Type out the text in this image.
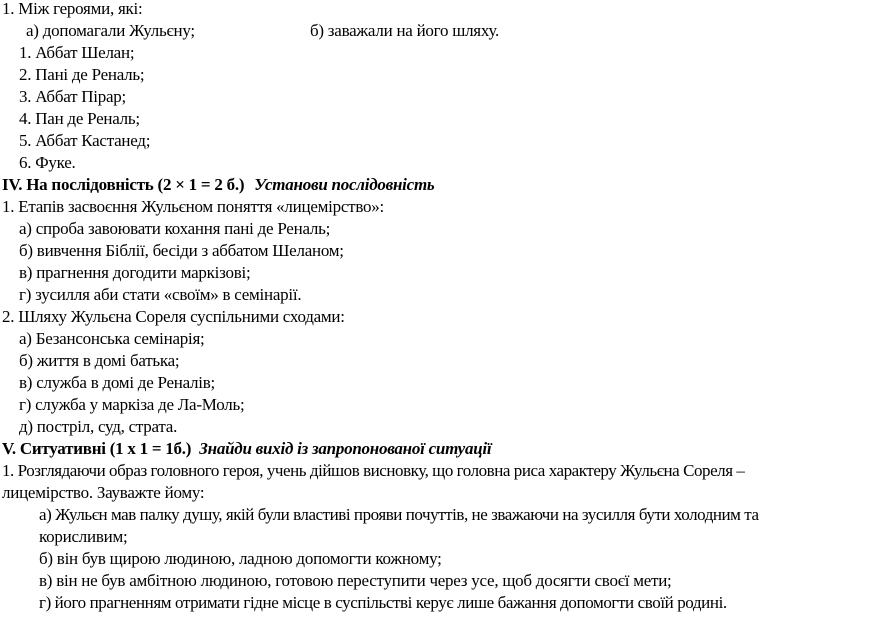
1. Між героями, які:
а) допомагали Жульєну;	б) заважали на його шляху.
1. Аббат Шелан;
2. Пані де Реналь;
3. Аббат Пірар;
4. Пан де Реналь;
5. Аббат Кастанед;
6. Фуке.
IV. На послідовність (2 × 1 = 2 б.) Установи послідовність
1. Етапів засвоєння Жульєном поняття «лицемірство»:
а) спроба завоювати кохання пані де Реналь;
б) вивчення Біблії, бесіди з аббатом Шеланом;
в) прагнення догодити маркізові;
г) зусилля аби стати «своїм» в семінарії.
2. Шляху Жульєна Сореля суспільними сходами:
а) Безансонськa семінарія;
б) життя в домі батька;
в) служба в домі де Реналів;
г) служба у маркіза де Ла-Моль;
д) постріл, суд, страта.
V. Ситуативні (1 х 1 = 1б.) Знайди вихід із запропонованої ситуації
1. Розглядаючи образ головного героя, учень дійшов висновку, що головна риса характеру Жульєна Сореля –
лицемірство. Зауважте йому:
а) Жульєн мав палку душу, якій були властиві прояви почуттів, не зважаючи на зусилля бути холодним та
корисливим;
б) він був щирою людиною, ладною допомогти кожному;
в) він не був амбітною людиною, готовою переступити через усе, щоб досягти своєї мети;
г) його прагненням отримати гідне місце в суспільстві керує лише бажання допомогти своїй родині.
